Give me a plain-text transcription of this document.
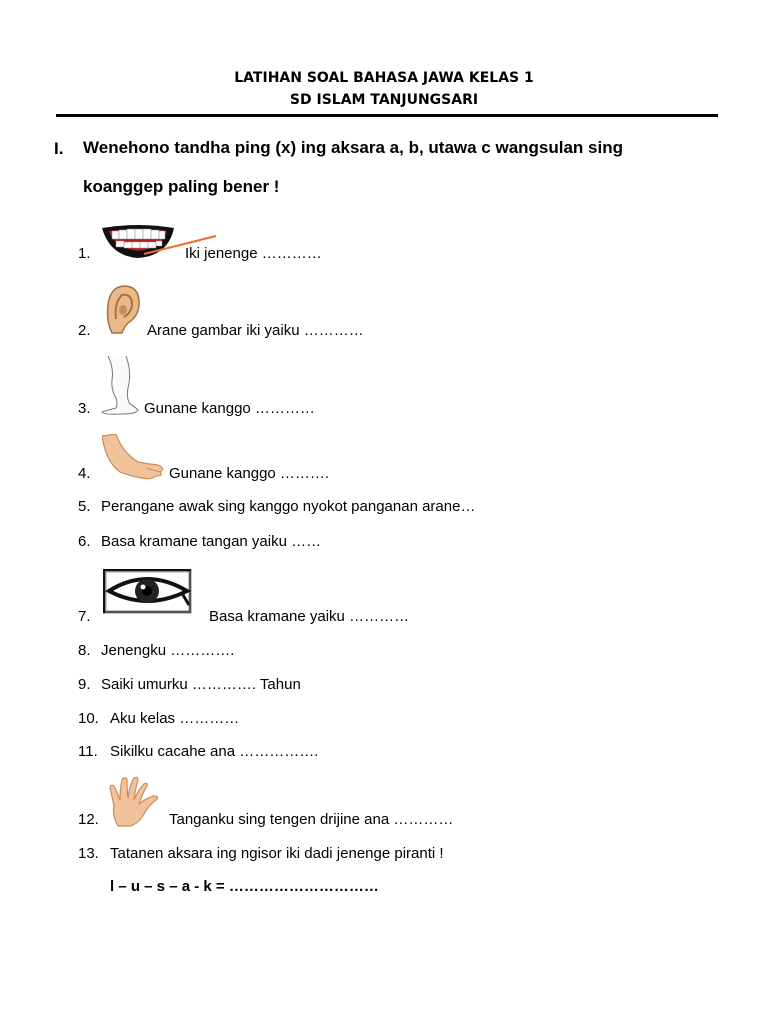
LATIHAN SOAL BAHASA JAWA KELAS 1
SD ISLAM TANJUNGSARI
I. Wenehono tandha ping (x) ing aksara a, b, utawa c wangsulan sing
koanggep paling bener !
1.	Iki jenenge …………
2.	Arane gambar iki yaiku …………
3.	Gunane kanggo …………
4.	Gunane kanggo ……….
5. Perangane awak sing kanggo nyokot panganan arane…
6. Basa kramane tangan yaiku ……
7.	Basa kramane yaiku …………
8. Jenengku ………….
9. Saiki umurku …………. Tahun
10. Aku kelas …………
11. Sikilku cacahe ana …………….
12.	Tanganku sing tengen drijine ana …………
13. Tatanen aksara ing ngisor iki dadi jenenge piranti !
l – u – s – a - k = …………………………
